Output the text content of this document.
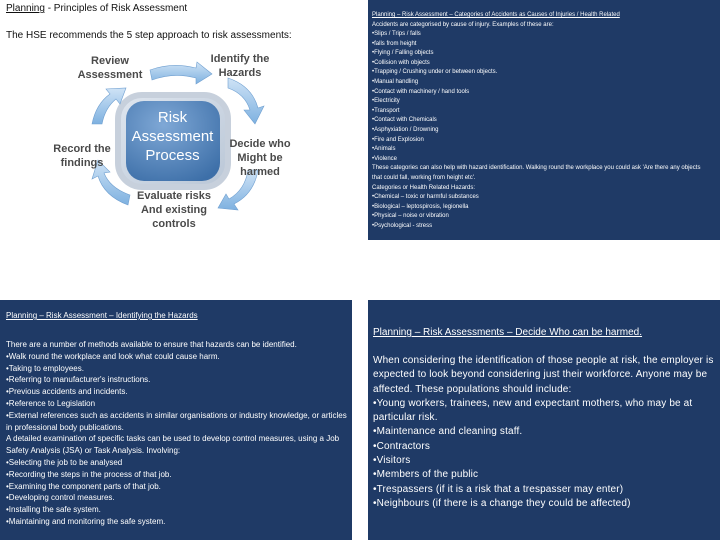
Planning - Principles of Risk Assessment
The HSE recommends the 5 step approach to risk assessments:
Risk
Assessment
Process
Identify the
Hazards
Decide who
Might be
harmed
Evaluate risks
And existing
controls
Record the
findings
Review
Assessment
Planning – Risk Assessment – Categories of Accidents as Causes of Injuries / Health Related
Accidents are categorised by cause of injury. Examples of these are:
•Slips / Trips / falls
•falls from height
•Flying / Falling objects
•Collision with objects
•Trapping / Crushing under or between objects.
•Manual handling
•Contact with machinery / hand tools
•Electricity
•Transport
•Contact with Chemicals
•Asphyxiation / Drowning
•Fire and Explosion
•Animals
•Violence
These categories can also help with hazard identification. Walking round the workplace you could ask 'Are there any objects that could fall, working from height etc'.
Categories or Health Related Hazards:
•Chemical – toxic or harmful substances
•Biological – leptospirosis, legionella
•Physical – noise or vibration
•Psychological - stress
Planning – Risk Assessment – Identifying the Hazards
There are a number of methods available to ensure that hazards can be identified.
•Walk round the workplace and look what could cause harm.
•Taking to employees.
•Referring to manufacturer's instructions.
•Previous accidents and incidents.
•Reference to Legislation
•External references such as accidents in similar organisations or industry knowledge, or articles in professional body publications.
A detailed examination of specific tasks can be used to develop control measures, using a Job Safety Analysis (JSA) or Task Analysis. Involving:
•Selecting the job to be analysed
•Recording the steps in the process of that job.
•Examining the component parts of that job.
•Developing control measures.
•Installing the safe system.
•Maintaining and monitoring the safe system.
Planning – Risk Assessments – Decide Who can be harmed.
When considering the identification of those people at risk, the employer is expected to look beyond considering just their workforce. Anyone may be affected. These populations should include:
•Young workers, trainees, new and expectant mothers, who may be at particular risk.
•Maintenance and cleaning staff.
•Contractors
•Visitors
•Members of the public
•Trespassers (if it is a risk that a trespasser may enter)
•Neighbours (if there is a change they could be affected)
